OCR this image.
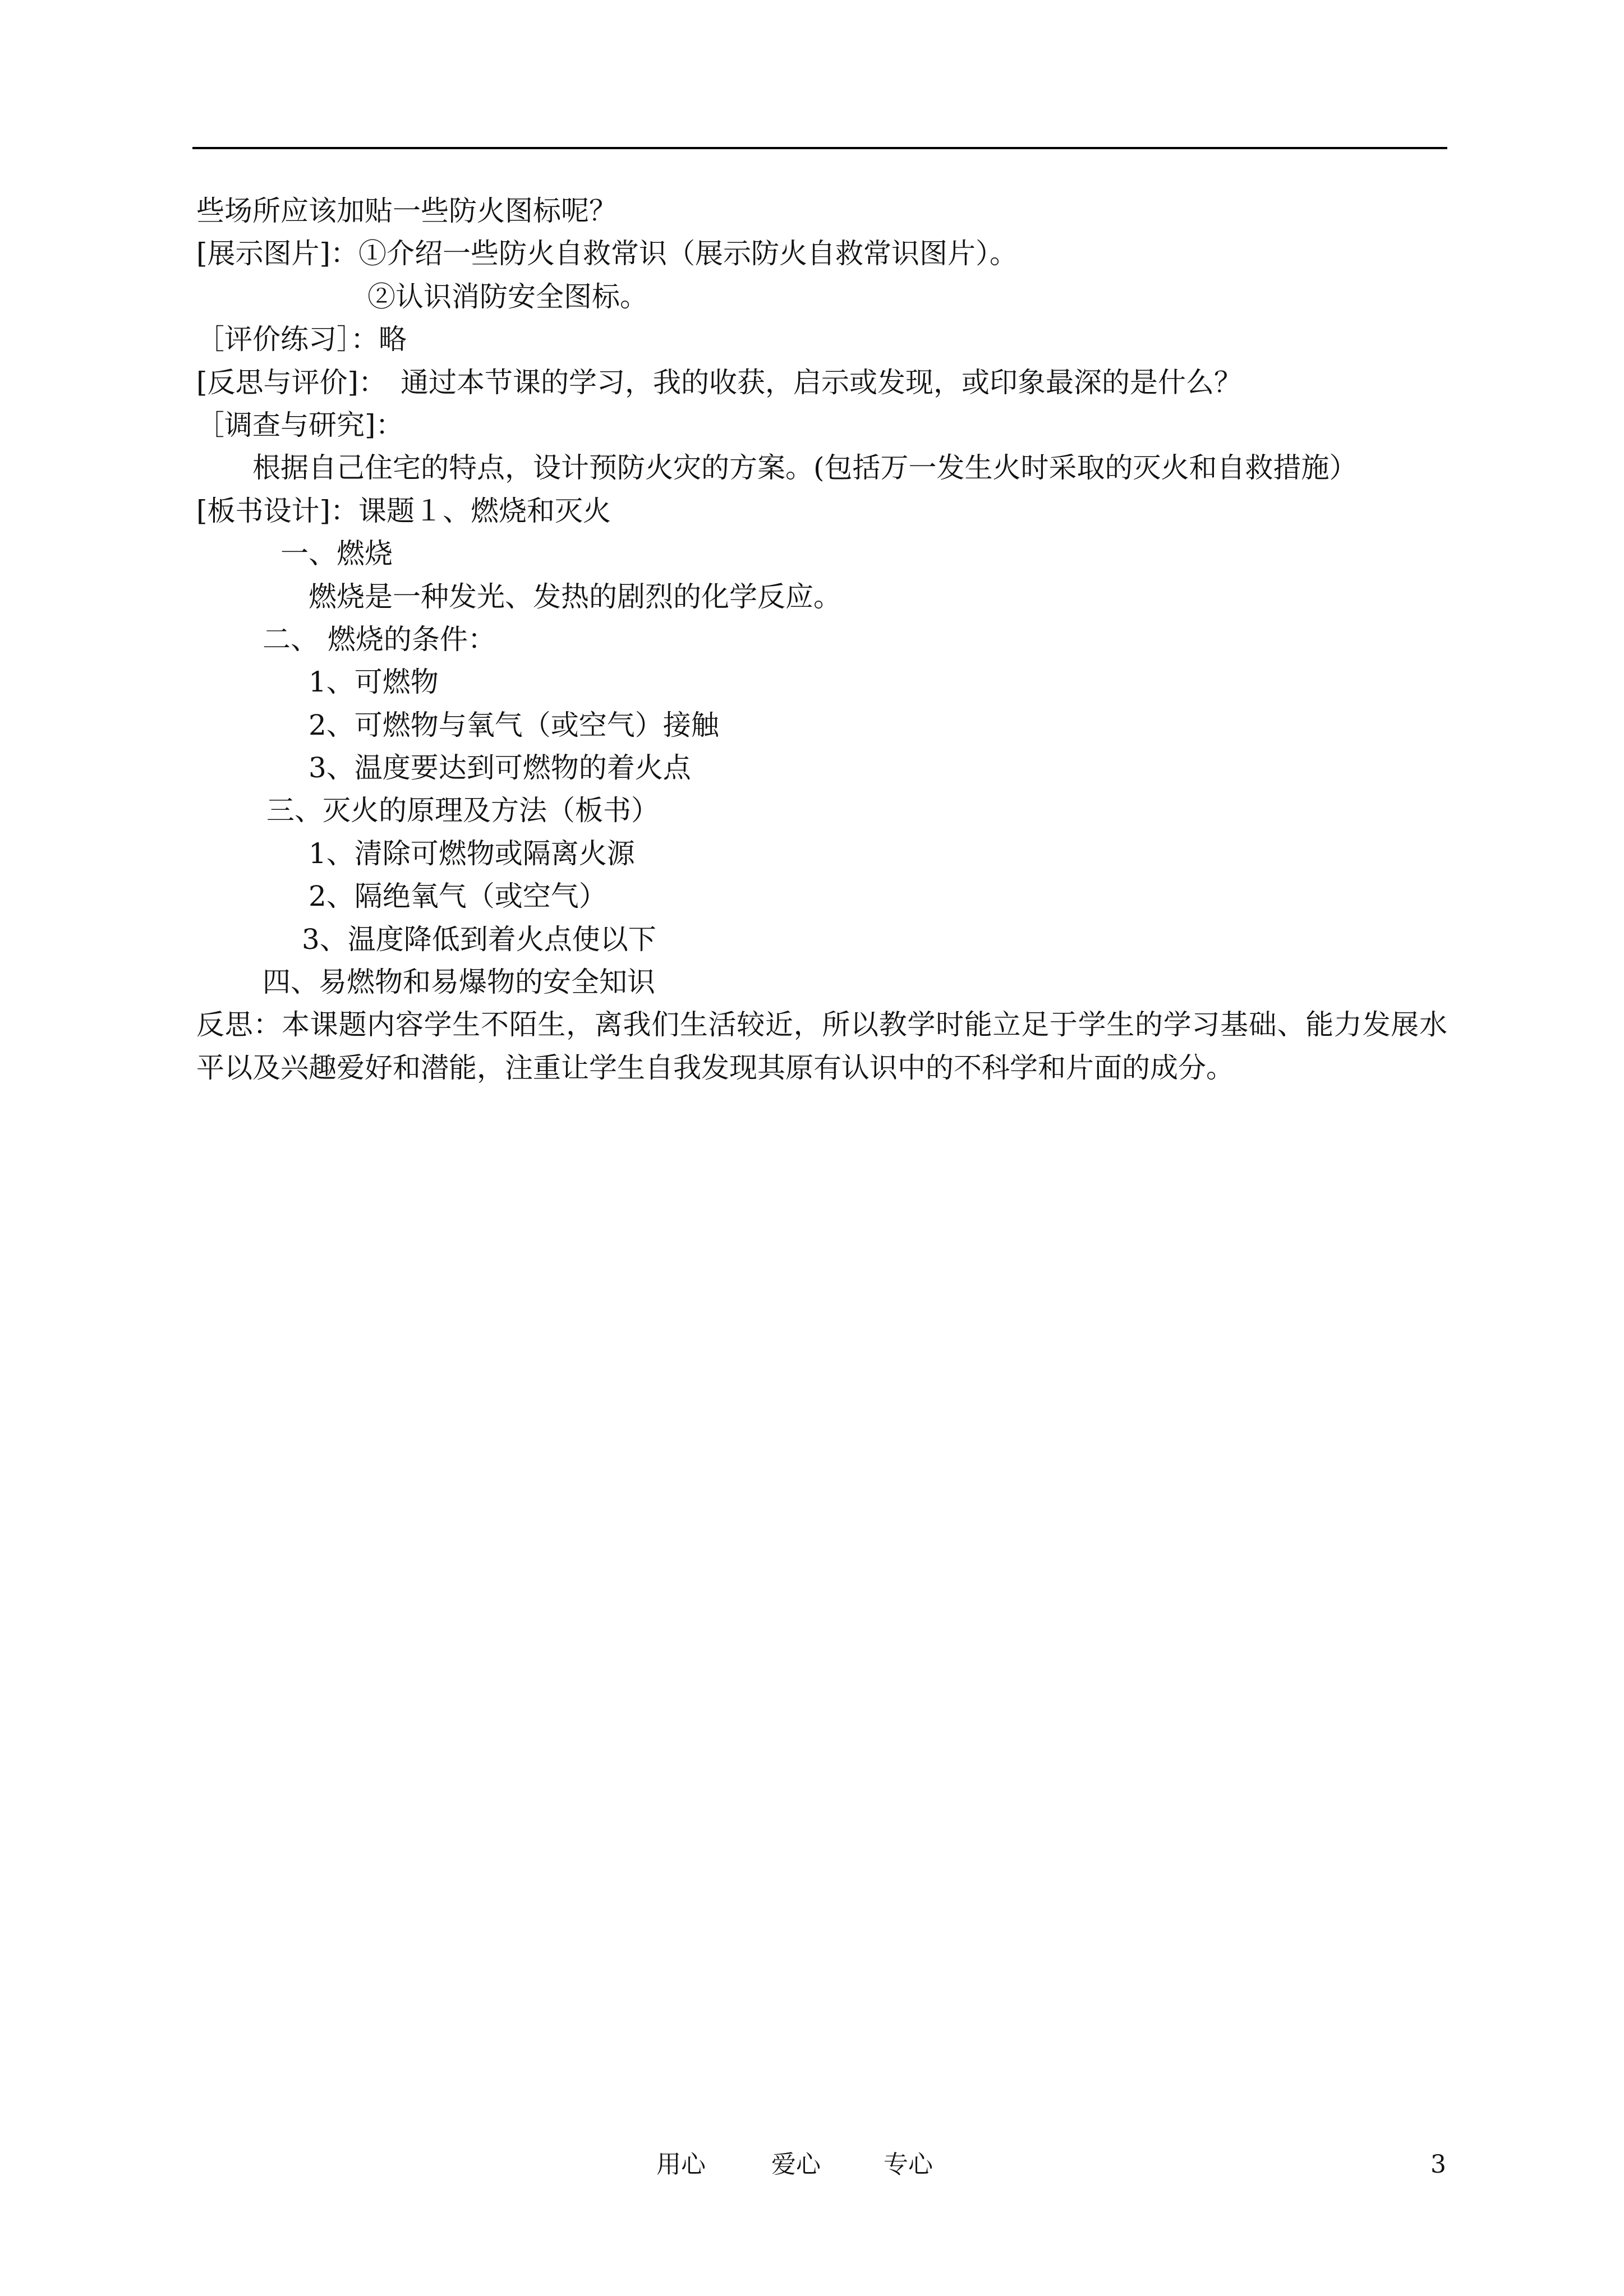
些场所应该加贴一些防火图标呢？
[展示图片]：①介绍一些防火自救常识（展示防火自救常识图片）。
②认识消防安全图标。
［评价练习］：略
[反思与评价]：　通过本节课的学习，我的收获，启示或发现，或印象最深的是什么？
［调查与研究]：
根据自己住宅的特点，设计预防火灾的方案。(包括万一发生火时采取的灭火和自救措施）
[板书设计]：课题１、燃烧和灭火
一、燃烧
燃烧是一种发光、发热的剧烈的化学反应。
二、 燃烧的条件：
1、可燃物
2、可燃物与氧气（或空气）接触
3、温度要达到可燃物的着火点
三、灭火的原理及方法（板书）
1、清除可燃物或隔离火源
2、隔绝氧气（或空气）
3、温度降低到着火点使以下
四、易燃物和易爆物的安全知识
反思：本课题内容学生不陌生，离我们生活较近，所以教学时能立足于学生的学习基础、能力发展水平以及兴趣爱好和潜能，注重让学生自我发现其原有认识中的不科学和片面的成分。
用心	爱心	专心	3
